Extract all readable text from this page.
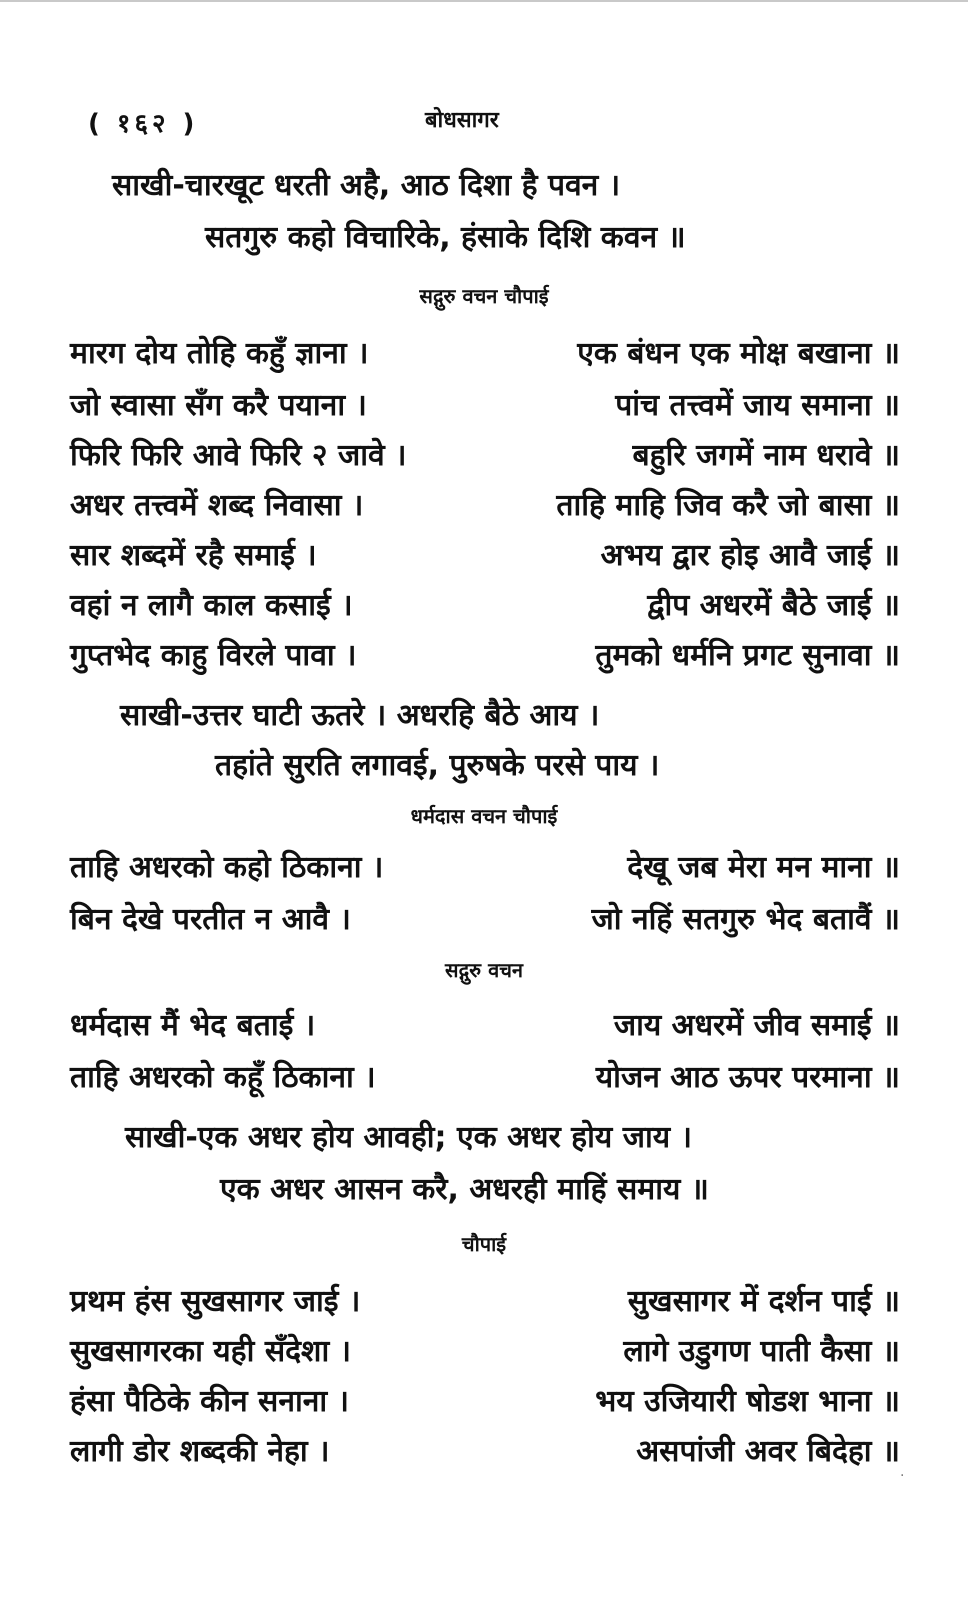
( १६२ )	बोधसागर
साखी-चारखूट धरती अहै, आठ दिशा है पवन ।
सतगुरु कहो विचारिके, हंसाके दिशि कवन ॥
सद्गुरु वचन चौपाई
मारग दोय तोहि कहुँ ज्ञाना ।	एक बंधन एक मोक्ष बखाना ॥
जो स्वासा सँग करै पयाना ।	पांच तत्त्वमें जाय समाना ॥
फिरि फिरि आवे फिरि २ जावे ।	बहुरि जगमें नाम धरावे ॥
अधर तत्त्वमें शब्द निवासा ।	ताहि माहि जिव करै जो बासा ॥
सार शब्दमें रहै समाई ।	अभय द्वार होइ आवै जाई ॥
वहां न लागै काल कसाई ।	द्वीप अधरमें बैठे जाई ॥
गुप्तभेद काहु विरले पावा ।	तुमको धर्मनि प्रगट सुनावा ॥
साखी-उत्तर घाटी ऊतरे । अधरहि बैठे आय ।
तहांते सुरति लगावई, पुरुषके परसे पाय ।
धर्मदास वचन चौपाई
ताहि अधरको कहो ठिकाना ।	देखू जब मेरा मन माना ॥
बिन देखे परतीत न आवै ।	जो नहिं सतगुरु भेद बतावैं ॥
सद्गुरु वचन
धर्मदास मैं भेद बताई ।	जाय अधरमें जीव समाई ॥
ताहि अधरको कहूँ ठिकाना ।	योजन आठ ऊपर परमाना ॥
साखी-एक अधर होय आवही; एक अधर होय जाय ।
एक अधर आसन करै, अधरही माहिं समाय ॥
चौपाई
प्रथम हंस सुखसागर जाई ।	सुखसागर में दर्शन पाई ॥
सुखसागरका यही सँदेशा ।	लागे उडुगण पाती कैसा ॥
हंसा पैठिके कीन सनाना ।	भय उजियारी षोडश भाना ॥
लागी डोर शब्दकी नेहा ।	असपांजी अवर बिदेहा ॥
·
